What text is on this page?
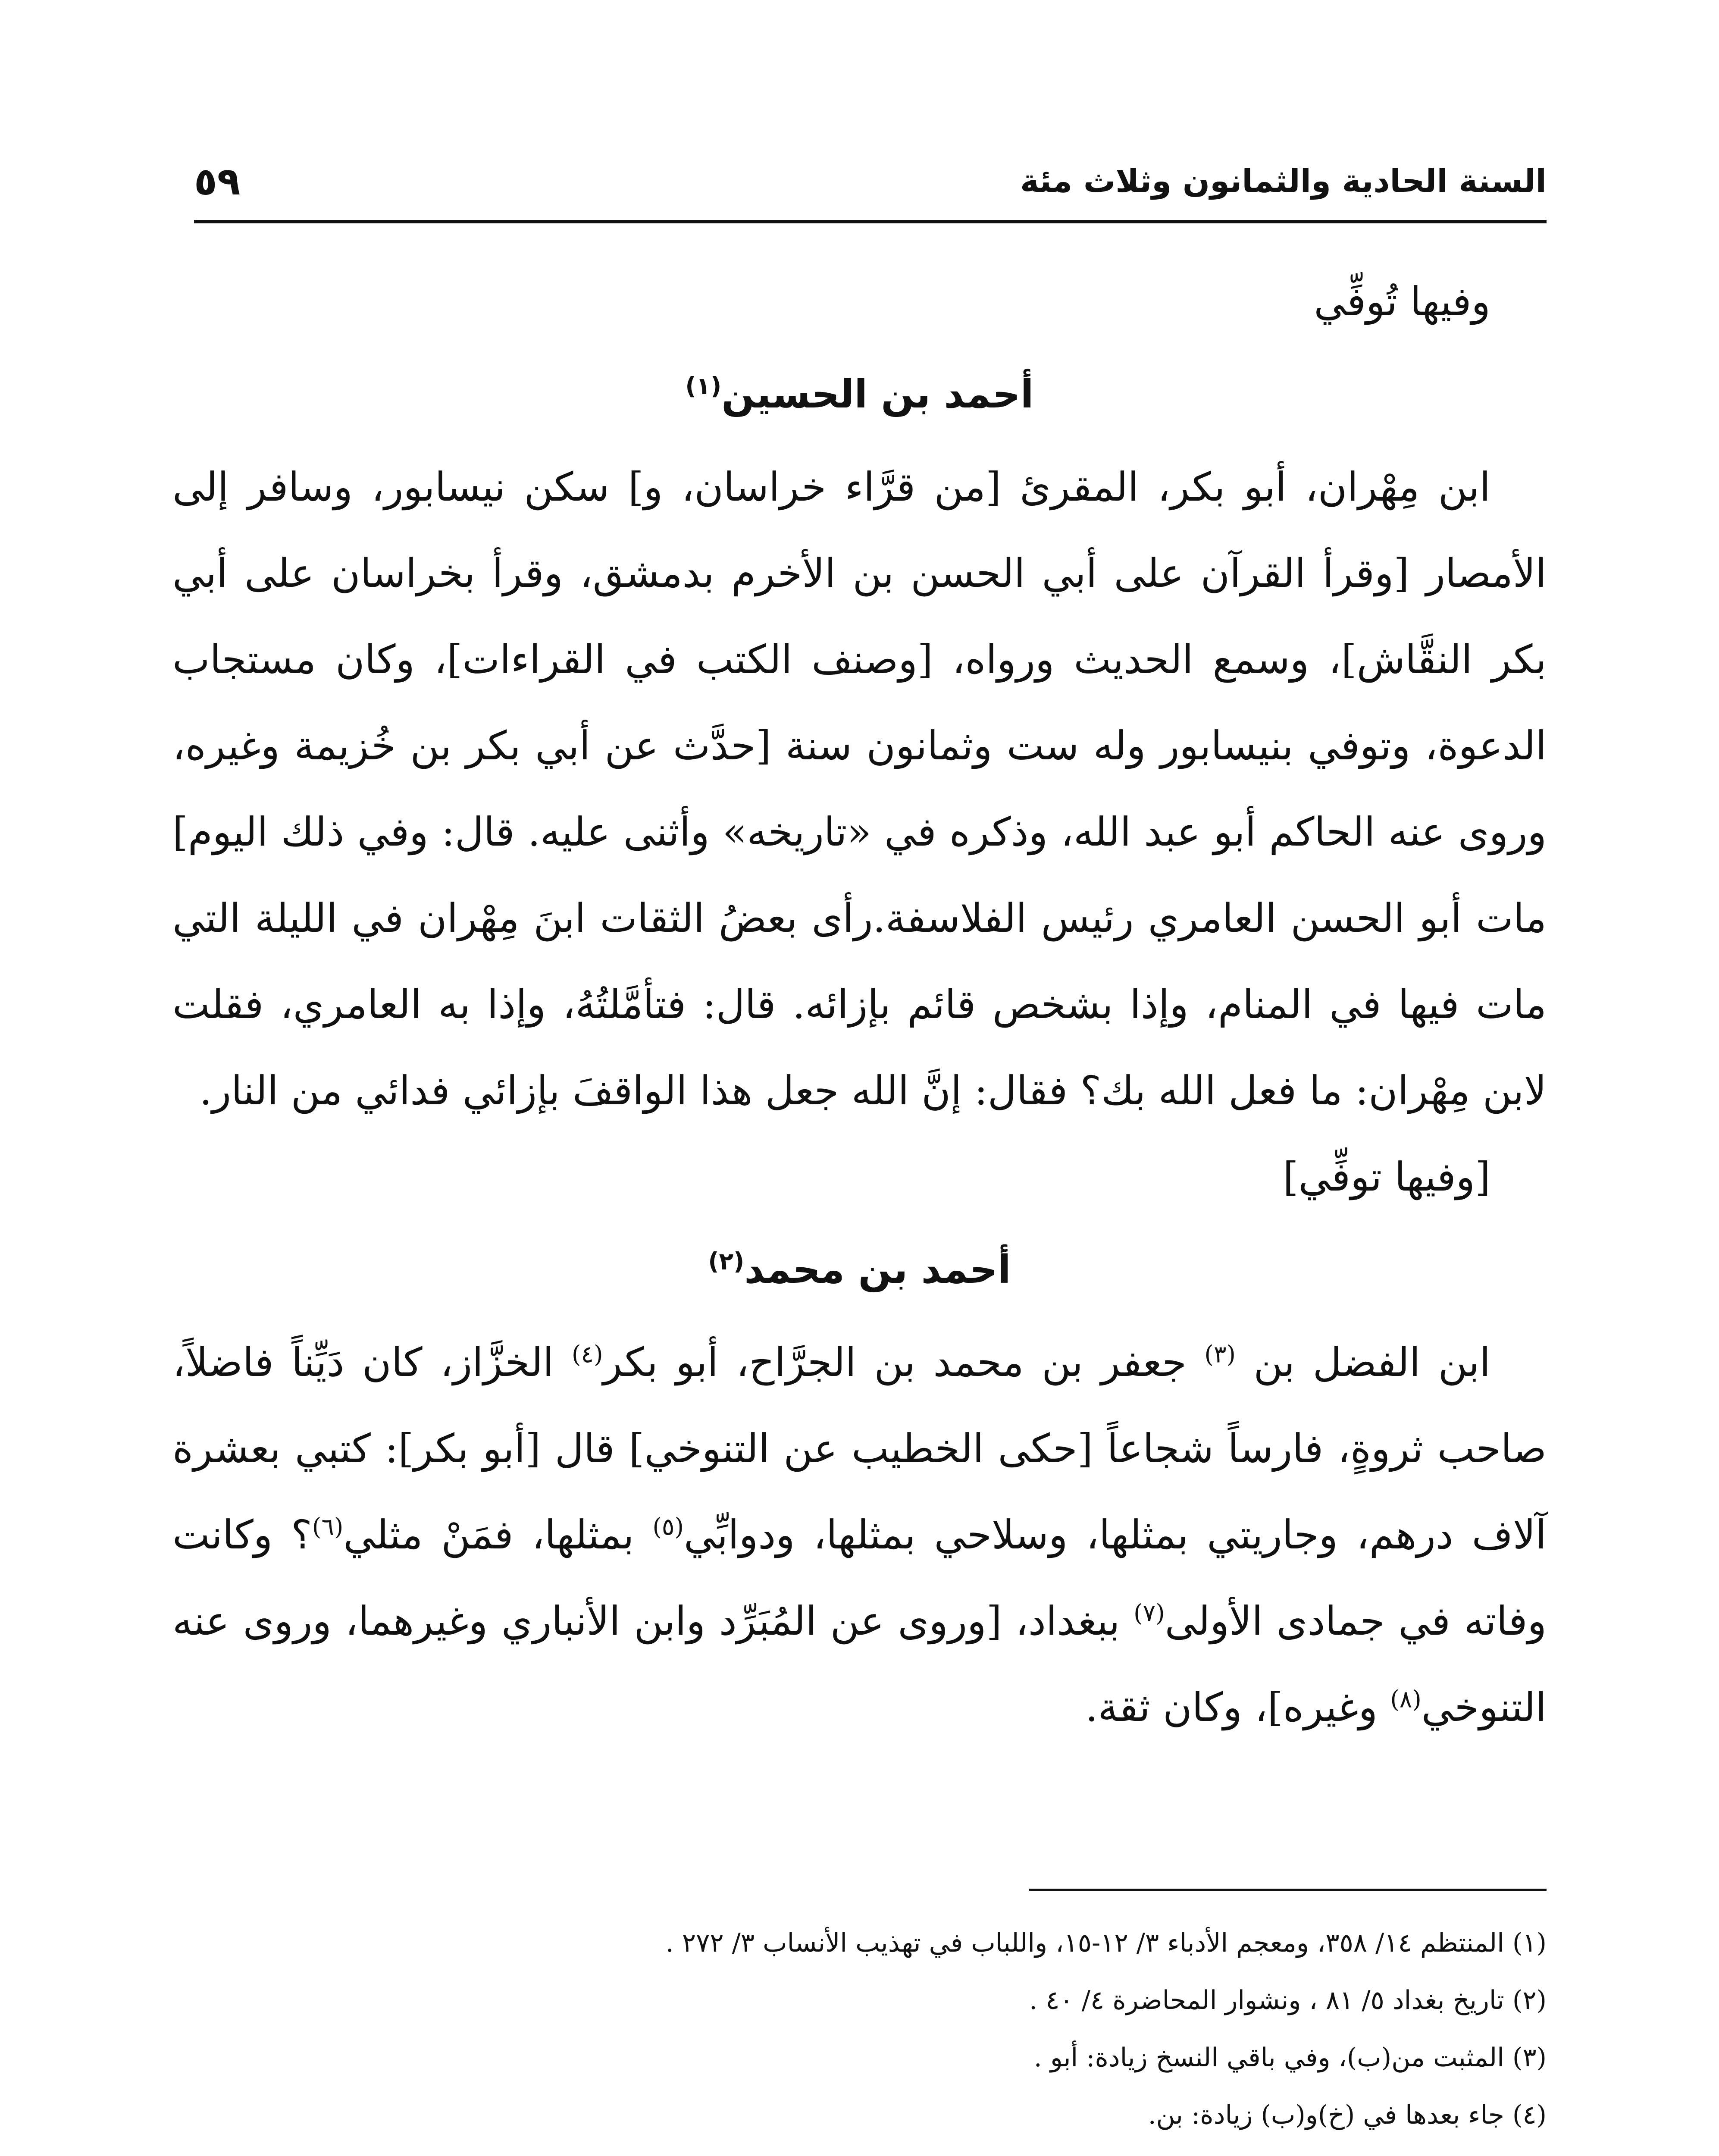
السنة الحادية والثمانون وثلاث مئة
٥٩

وفيها تُوفِّي

أحمد بن الحسين$^{(١)}$

ابن مِهْران، أبو بكر، المقرئ [من قرَّاء خراسان، و] سكن نيسابور، وسافر إلى الأمصار [وقرأ القرآن على أبي الحسن بن الأخرم بدمشق، وقرأ بخراسان على أبي بكر النقَّاش]، وسمع الحديث ورواه، [وصنف الكتب في القراءات]، وكان مستجاب الدعوة، وتوفي بنيسابور وله ست وثمانون سنة [حدَّث عن أبي بكر بن خُزيمة وغيره، وروى عنه الحاكم أبو عبد الله، وذكره في «تاريخه» وأثنى عليه. قال: وفي ذلك اليوم] مات أبو الحسن العامري رئيس الفلاسفة.رأى بعضُ الثقات ابنَ مِهْران في الليلة التي مات فيها في المنام، وإذا بشخص قائم بإزائه. قال: فتأمَّلتُهُ، وإذا به العامري، فقلت لابن مِهْران: ما فعل الله بك؟ فقال: إنَّ الله جعل هذا الواقفَ بإزائي فدائي من النار.

[وفيها توفِّي]

أحمد بن محمد$^{(٢)}$

ابن الفضل بن $^{(٣)}$ جعفر بن محمد بن الجرَّاح، أبو بكر$^{(٤)}$ الخزَّاز، كان دَيِّناً فاضلاً، صاحب ثروةٍ، فارساً شجاعاً [حكى الخطيب عن التنوخي] قال [أبو بكر]: كتبي بعشرة آلاف درهم، وجاريتي بمثلها، وسلاحي بمثلها، ودوابِّي$^{(٥)}$ بمثلها، فمَنْ مثلي$^{(٦)}$؟ وكانت وفاته في جمادى الأولى$^{(٧)}$ ببغداد، [وروى عن المُبَرِّد وابن الأنباري وغيرهما، وروى عنه التنوخي$^{(٨)}$ وغيره]، وكان ثقة.

(١) المنتظم ١٤/ ٣٥٨، ومعجم الأدباء ٣/ ١٢-١٥، واللباب في تهذيب الأنساب ٣/ ٢٧٢ .
(٢) تاريخ بغداد ٥/ ٨١ ، ونشوار المحاضرة ٤/ ٤٠ .
(٣) المثبت من(ب)، وفي باقي النسخ زيادة: أبو .
(٤) جاء بعدها في (خ)و(ب) زيادة: بن.
